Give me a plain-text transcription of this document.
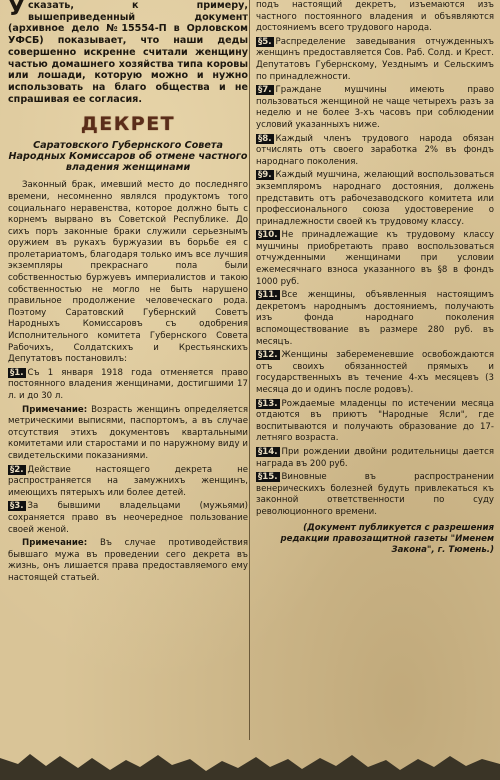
Усказать, к примеру, вышеприведенный документ (архивное дело №15554-П в Орловском УФСБ) показывает, что наши деды совершенно искренне считали женщину частью домашнего хозяйства типа коровы или лошади, которую можно и нужно использовать на благо общества и не спрашивая ее согласия.

ДЕКРЕТ
Саратовского Губернского Совета Народных Комиссаров об отмене частного владения женщинами

Законный брак, имевший место до последняго времени, несомненно являлся продуктомъ того социальнаго неравенства, которое должно быть с корнемъ вырвано въ Советской Республике. До сихъ поръ законные браки служили серьезнымъ оружием въ рукахъ буржуазии въ борьбе ея с пролетариатомъ, благодаря только имъ все лучшия экземпляры прекраснаго пола были собственностью буржуевъ империалистов и такою собственностью не могло не быть нарушено правильное продолжение человеческаго рода. Поэтому Саратовский Губернский Советъ Народныхъ Комиссаровъ съ одобрения Исполнительного комитета Губернского Совета Рабочихъ, Солдатскихъ и Крестьянскихъ Депутатовъ постановилъ:

§1. Съ 1 января 1918 года отменяется право постоянного владения женщинами, достигшими 17 л. и до 30 л.
Примечание: Возрасть женщинъ определяется метрическими выписями, паспортомъ, а въ случае отсутствия этихъ документовъ квартальными комитетами или старостами и по наружному виду и свидетельскими показаниями.
§2. Действие настоящего декрета не распространяется на замужнихъ женщинъ, имеющихъ пятерыхъ или более детей.
§3. За бывшими владельцами (мужьями) сохраняется право въ неочередное пользование своей женой.
Примечание: Въ случае противодействия бывшаго мужа въ проведении сего декрета въ жизнь, онъ лишается права предоставляемого ему настоящей статьей.

подъ настоящий декретъ, изъемаются изъ частного постоянного владения и объявляются достояниемъ всего трудового народа.

§5. Распределение заведывания отчужденныхъ женщинъ предоставляется Сов. Раб. Солд. и Крест. Депутатовъ Губернскому, Уезднымъ и Сельскимъ по принадлежности.
§7. Граждане мушчины имеють право пользоваться женщиной не чаще четырехъ разъ за неделю и не более 3-хъ часовъ при соблюдении условий указанныхъ ниже.
§8. Каждый членъ трудового народа обязан отчислять отъ своего заработка 2% въ фондъ народнаго поколения.
§9. Каждый мушчина, желающий воспользоваться экземпляромъ народнаго достояния, должень представить отъ рабочезаводского комитета или профессионального союза удостоверение о принадлежности своей къ трудовому классу.
§10. Не принадлежащие къ трудовому классу мушчины приобретають право воспользоваться отчужденными женщинами при условии ежемесячнаго взноса указанного въ §8 в фондъ 1000 руб.
§11. Все женщины, объявленныя настоящимъ декретомъ народнымъ достояниемъ, получають изъ фонда народнаго поколения вспомоществование въ размере 280 руб. въ месяцъ.
§12. Женщины забеременевшие освобождаются отъ своихъ обязанностей прямыхъ и государственныхъ въ течение 4-хъ месяцевъ (3 месяца до и одинъ после родовъ).
§13. Рождаемые младенцы по истечении месяца отдаются въ приютъ "Народные Ясли", где воспитываются и получають образование до 17-летняго возраста.
§14. При рождении двойни родительницы дается награда въ 200 руб.
§15. Виновные въ распространении венерическихъ болезней будуть привлекаться къ законной ответственности по суду революционного времени.

(Документ публикуется с разрешения редакции правозащитной газеты "Именем Закона", г. Тюмень.)
